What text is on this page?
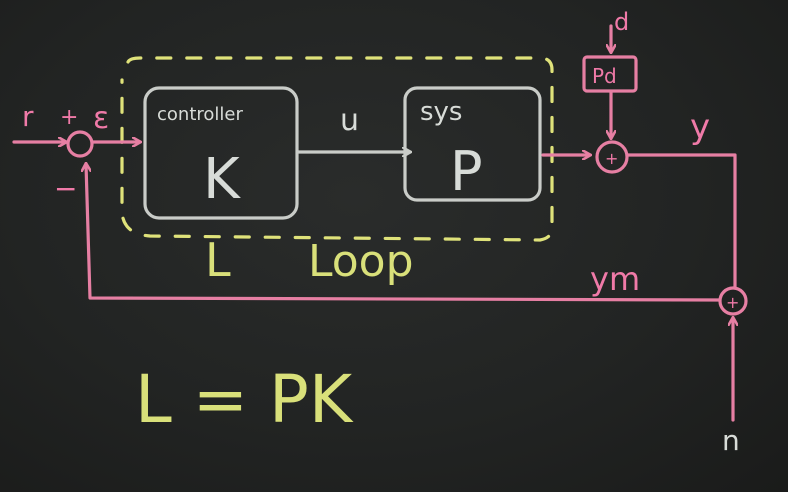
r + ε
−
controller
K
u sys
P
d
Pd
+
y
ym
+
n
L Loop
L = PK
